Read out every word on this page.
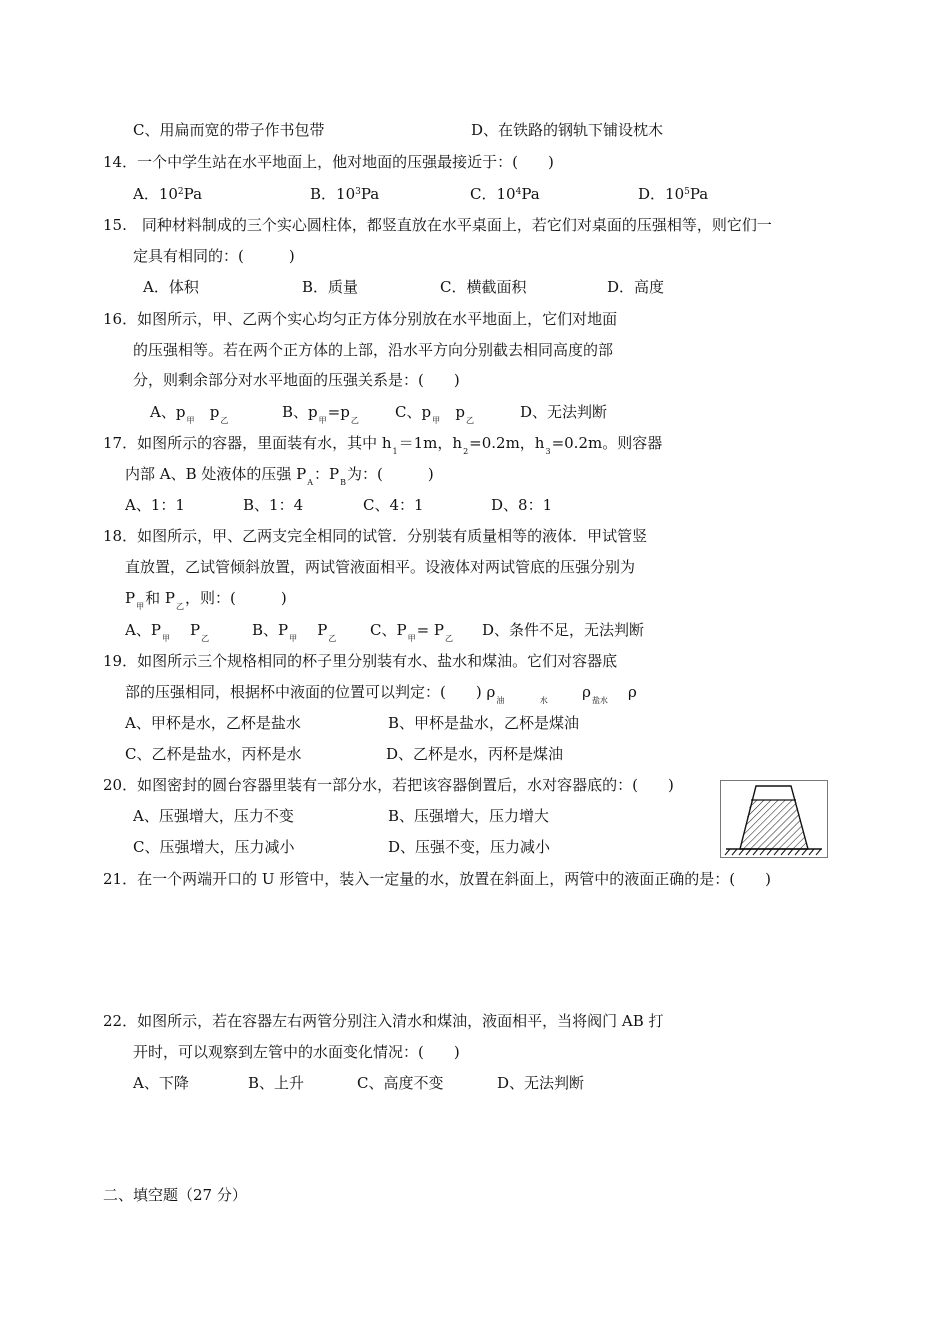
C、用扁而宽的带子作书包带	D、在铁路的钢轨下铺设枕木
14．一个中学生站在水平地面上，他对地面的压强最接近于：(　　)
A．$10^2Pa$	B．$10^3Pa$	C．$10^4Pa$	D．$10^5Pa$
15.　同种材料制成的三个实心圆柱体，都竖直放在水平桌面上，若它们对桌面的压强相等，则它们一
定具有相同的：(　　　)
A．体积	B．质量	C．横截面积	D．高度
16．如图所示，甲、乙两个实心均匀正方体分别放在水平地面上，它们对地面
的压强相等。若在两个正方体的上部，沿水平方向分别截去相同高度的部
分，则剩余部分对水平地面的压强关系是：(　　)
A、$p_甲$ $p_乙$	B、$p_甲=p_乙$ C、$p_甲$ $p_乙$	D、无法判断
17．如图所示的容器，里面装有水，其中 $h_1=1m$，$h_2=0.2m$，$h_3=0.2m$。则容器
内部 A、B 处液体的压强 $P_A$：$P_B$为：(　　　)
A、1：1	B、1：4	C、4：1	D、8：1
18．如图所示，甲、乙两支完全相同的试管．分别装有质量相等的液体．甲试管竖
直放置，乙试管倾斜放置，两试管液面相平。设液体对两试管底的压强分别为
$P_甲$和 $P_乙$，则：(　　　)
A、$P_甲$ $P_乙$	B、$P_甲$ $P_乙$ C、$P_甲= P_乙$ D、条件不足，无法判断
19．如图所示三个规格相同的杯子里分别装有水、盐水和煤油。它们对容器底
部的压强相同，根据杯中液面的位置可以判定：(　　) $\rho_油$	$_水$ $\rho_{盐水}$ ρ
A、甲杯是水，乙杯是盐水	B、甲杯是盐水，乙杯是煤油
C、乙杯是盐水，丙杯是水	D、乙杯是水，丙杯是煤油
20．如图密封的圆台容器里装有一部分水，若把该容器倒置后，水对容器底的：(　　)
A、压强增大，压力不变	B、压强增大，压力增大
C、压强增大，压力减小	D、压强不变，压力减小
21．在一个两端开口的 U 形管中，装入一定量的水，放置在斜面上，两管中的液面正确的是：(　　)
22．如图所示，若在容器左右两管分别注入清水和煤油，液面相平，当将阀门 AB 打
开时，可以观察到左管中的水面变化情况：(　　)
A、下降	B、上升	C、高度不变	D、无法判断
二、填空题（27 分）
